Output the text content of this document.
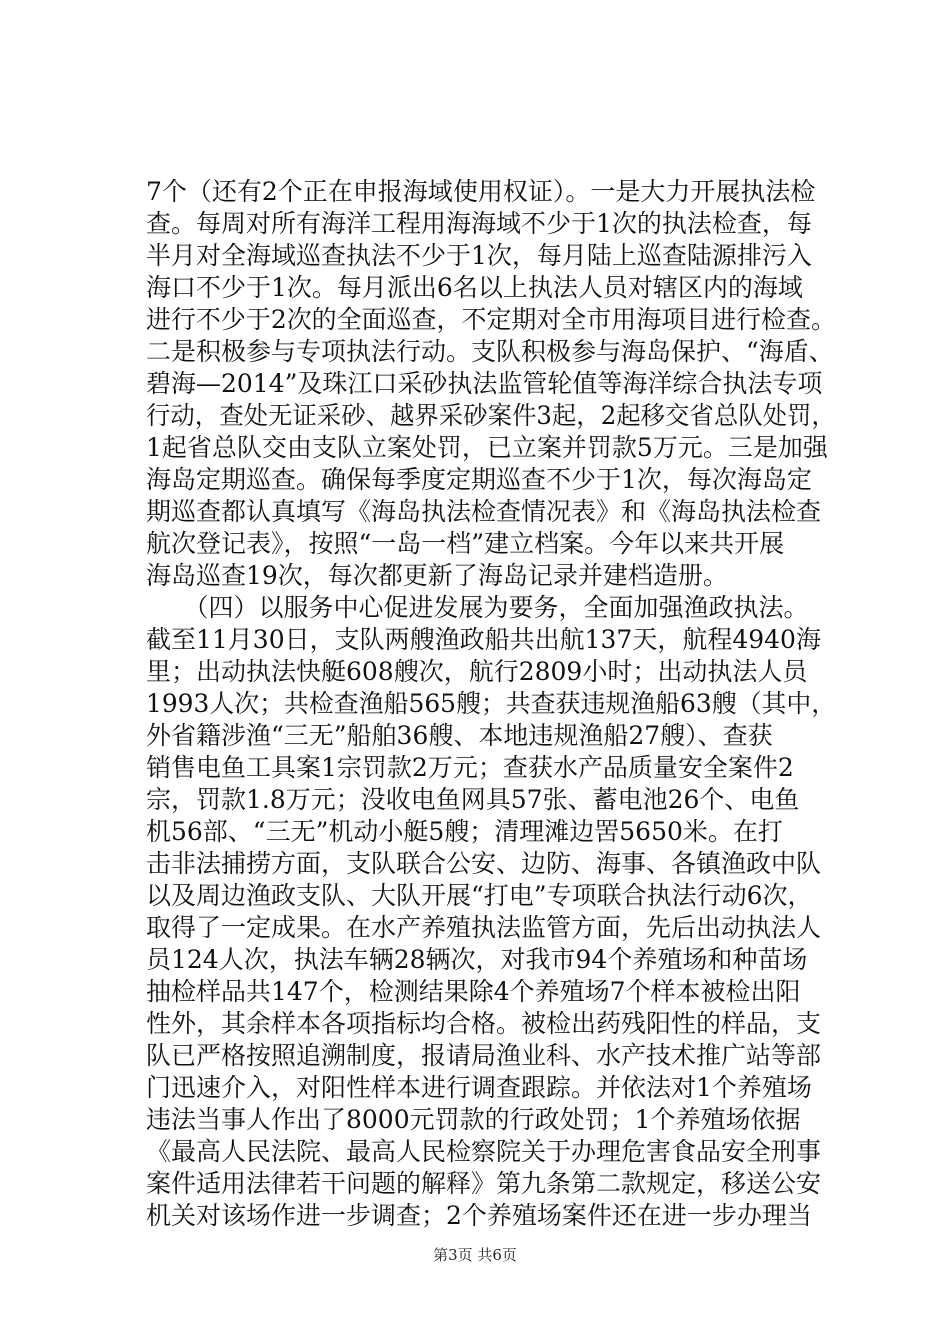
7个（还有2个正在申报海域使用权证）。一是大力开展执法检
查。每周对所有海洋工程用海海域不少于1次的执法检查，每
半月对全海域巡查执法不少于1次，每月陆上巡查陆源排污入
海口不少于1次。每月派出6名以上执法人员对辖区内的海域
进行不少于2次的全面巡查，不定期对全市用海项目进行检查。
二是积极参与专项执法行动。支队积极参与海岛保护、“海盾、
碧海—2014”及珠江口采砂执法监管轮值等海洋综合执法专项
行动，查处无证采砂、越界采砂案件3起，2起移交省总队处罚，
1起省总队交由支队立案处罚，已立案并罚款5万元。三是加强
海岛定期巡查。确保每季度定期巡查不少于1次，每次海岛定
期巡查都认真填写《海岛执法检查情况表》和《海岛执法检查
航次登记表》，按照“一岛一档”建立档案。今年以来共开展
海岛巡查19次，每次都更新了海岛记录并建档造册。
　　（四）以服务中心促进发展为要务，全面加强渔政执法。
截至11月30日，支队两艘渔政船共出航137天，航程4940海
里；出动执法快艇608艘次，航行2809小时；出动执法人员
1993人次；共检查渔船565艘；共查获违规渔船63艘（其中，
外省籍涉渔“三无”船舶36艘、本地违规渔船27艘）、查获
销售电鱼工具案1宗罚款2万元；查获水产品质量安全案件2
宗，罚款1.8万元；没收电鱼网具57张、蓄电池26个、电鱼
机56部、“三无”机动小艇5艘；清理滩边罟5650米。在打
击非法捕捞方面，支队联合公安、边防、海事、各镇渔政中队
以及周边渔政支队、大队开展“打电”专项联合执法行动6次，
取得了一定成果。在水产养殖执法监管方面，先后出动执法人
员124人次，执法车辆28辆次，对我市94个养殖场和种苗场
抽检样品共147个，检测结果除4个养殖场7个样本被检出阳
性外，其余样本各项指标均合格。被检出药残阳性的样品，支
队已严格按照追溯制度，报请局渔业科、水产技术推广站等部
门迅速介入，对阳性样本进行调查跟踪。并依法对1个养殖场
违法当事人作出了8000元罚款的行政处罚；1个养殖场依据
《最高人民法院、最高人民检察院关于办理危害食品安全刑事
案件适用法律若干问题的解释》第九条第二款规定，移送公安
机关对该场作进一步调查；2个养殖场案件还在进一步办理当
第3页 共6页
